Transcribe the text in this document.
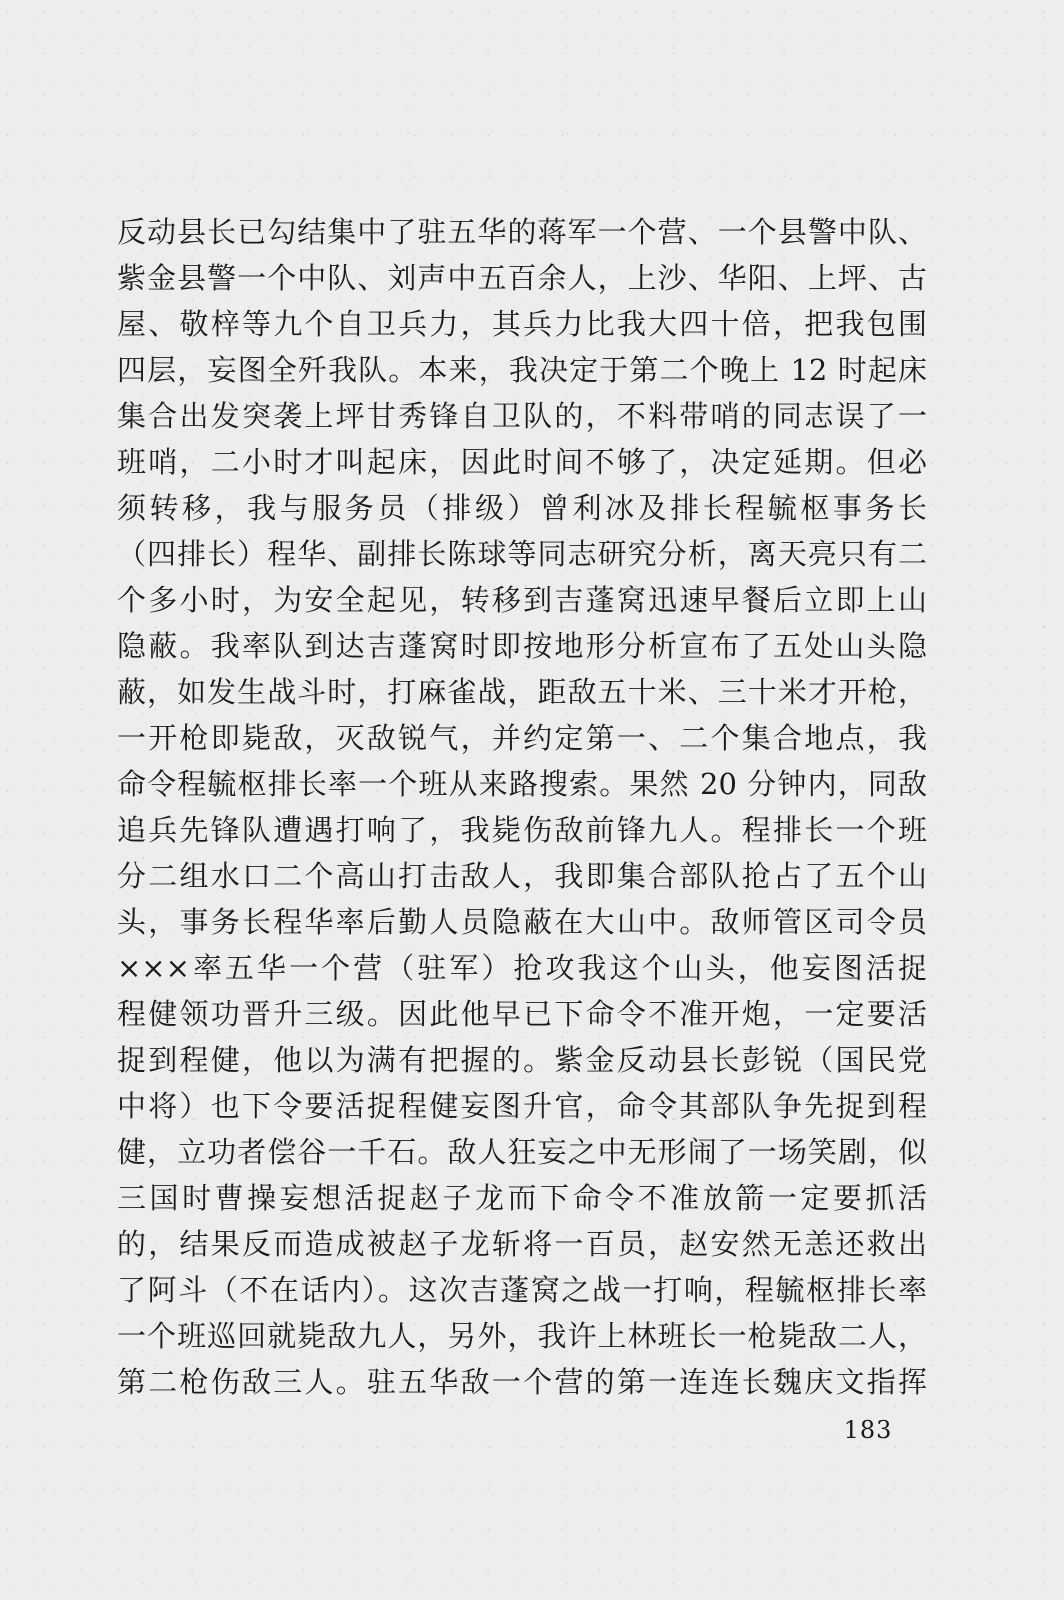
反动县长已勾结集中了驻五华的蒋军一个营、一个县警中队、
紫金县警一个中队、刘声中五百余人，上沙、华阳、上坪、古
屋、敬梓等九个自卫兵力，其兵力比我大四十倍，把我包围
四层，妄图全歼我队。本来，我决定于第二个晚上 12 时起床
集合出发突袭上坪甘秀锋自卫队的，不料带哨的同志误了一
班哨，二小时才叫起床，因此时间不够了，决定延期。但必
须转移，我与服务员（排级）曾利冰及排长程毓枢事务长
（四排长）程华、副排长陈球等同志研究分析，离天亮只有二
个多小时，为安全起见，转移到吉蓬窝迅速早餐后立即上山
隐蔽。我率队到达吉蓬窝时即按地形分析宣布了五处山头隐
蔽，如发生战斗时，打麻雀战，距敌五十米、三十米才开枪，
一开枪即毙敌，灭敌锐气，并约定第一、二个集合地点，我
命令程毓枢排长率一个班从来路搜索。果然 20 分钟内，同敌
追兵先锋队遭遇打响了，我毙伤敌前锋九人。程排长一个班
分二组水口二个高山打击敌人，我即集合部队抢占了五个山
头，事务长程华率后勤人员隐蔽在大山中。敌师管区司令员
×××率五华一个营（驻军）抢攻我这个山头，他妄图活捉
程健领功晋升三级。因此他早已下命令不准开炮，一定要活
捉到程健，他以为满有把握的。紫金反动县长彭锐（国民党
中将）也下令要活捉程健妄图升官，命令其部队争先捉到程
健，立功者偿谷一千石。敌人狂妄之中无形闹了一场笑剧，似
三国时曹操妄想活捉赵子龙而下命令不准放箭一定要抓活
的，结果反而造成被赵子龙斩将一百员，赵安然无恙还救出
了阿斗（不在话内）。这次吉蓬窝之战一打响，程毓枢排长率
一个班巡回就毙敌九人，另外，我许上林班长一枪毙敌二人，
第二枪伤敌三人。驻五华敌一个营的第一连连长魏庆文指挥
183
